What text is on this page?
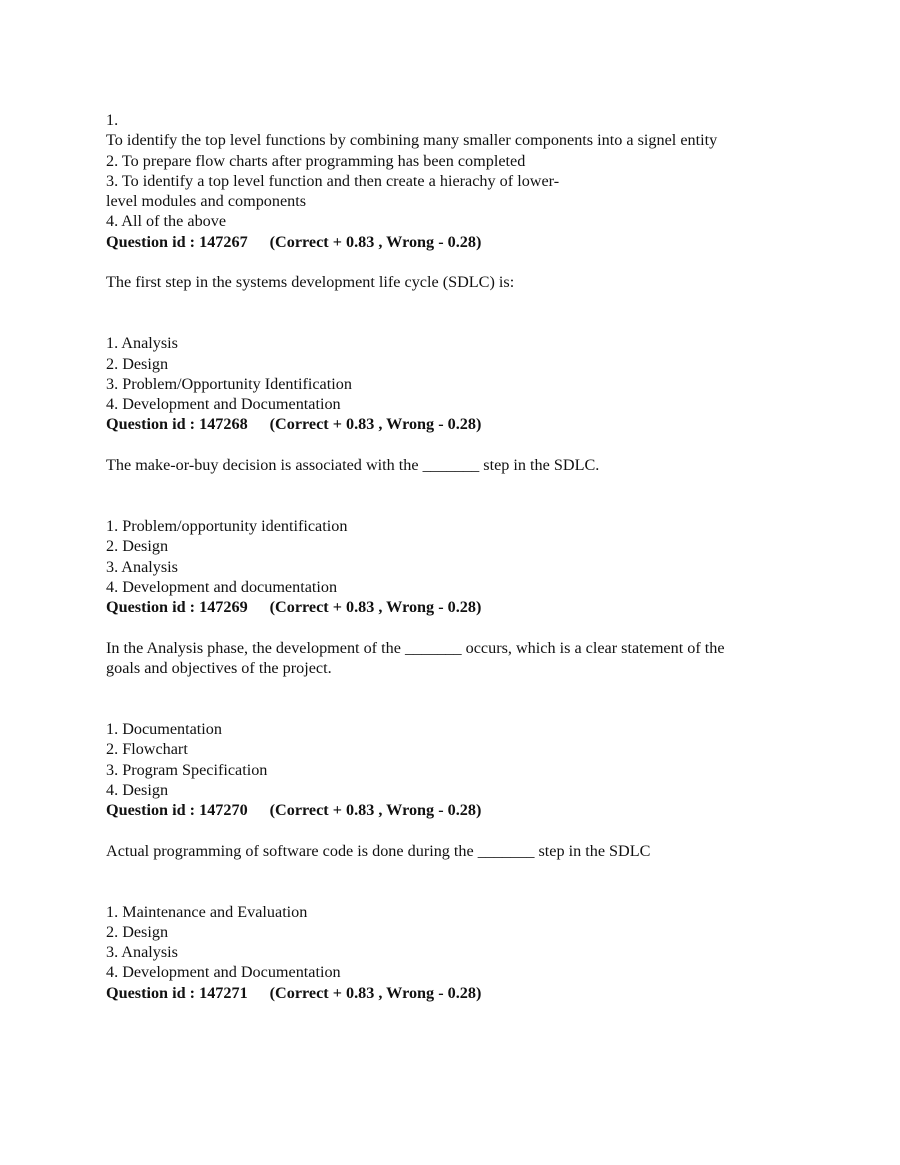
1.
To identify the top level functions by combining many smaller components into a signel entity
2. To prepare flow charts after programming has been completed
3. To identify a top level function and then create a hierachy of lower-
level modules and components
4. All of the above
Question id : 147267 (Correct + 0.83 , Wrong - 0.28)
The first step in the systems development life cycle (SDLC) is:
1. Analysis
2. Design
3. Problem/Opportunity Identification
4. Development and Documentation
Question id : 147268 (Correct + 0.83 , Wrong - 0.28)
The make-or-buy decision is associated with the _______ step in the SDLC.
1. Problem/opportunity identification
2. Design
3. Analysis
4. Development and documentation
Question id : 147269 (Correct + 0.83 , Wrong - 0.28)
In the Analysis phase, the development of the _______ occurs, which is a clear statement of the
goals and objectives of the project.
1. Documentation
2. Flowchart
3. Program Specification
4. Design
Question id : 147270 (Correct + 0.83 , Wrong - 0.28)
Actual programming of software code is done during the _______ step in the SDLC
1. Maintenance and Evaluation
2. Design
3. Analysis
4. Development and Documentation
Question id : 147271 (Correct + 0.83 , Wrong - 0.28)
